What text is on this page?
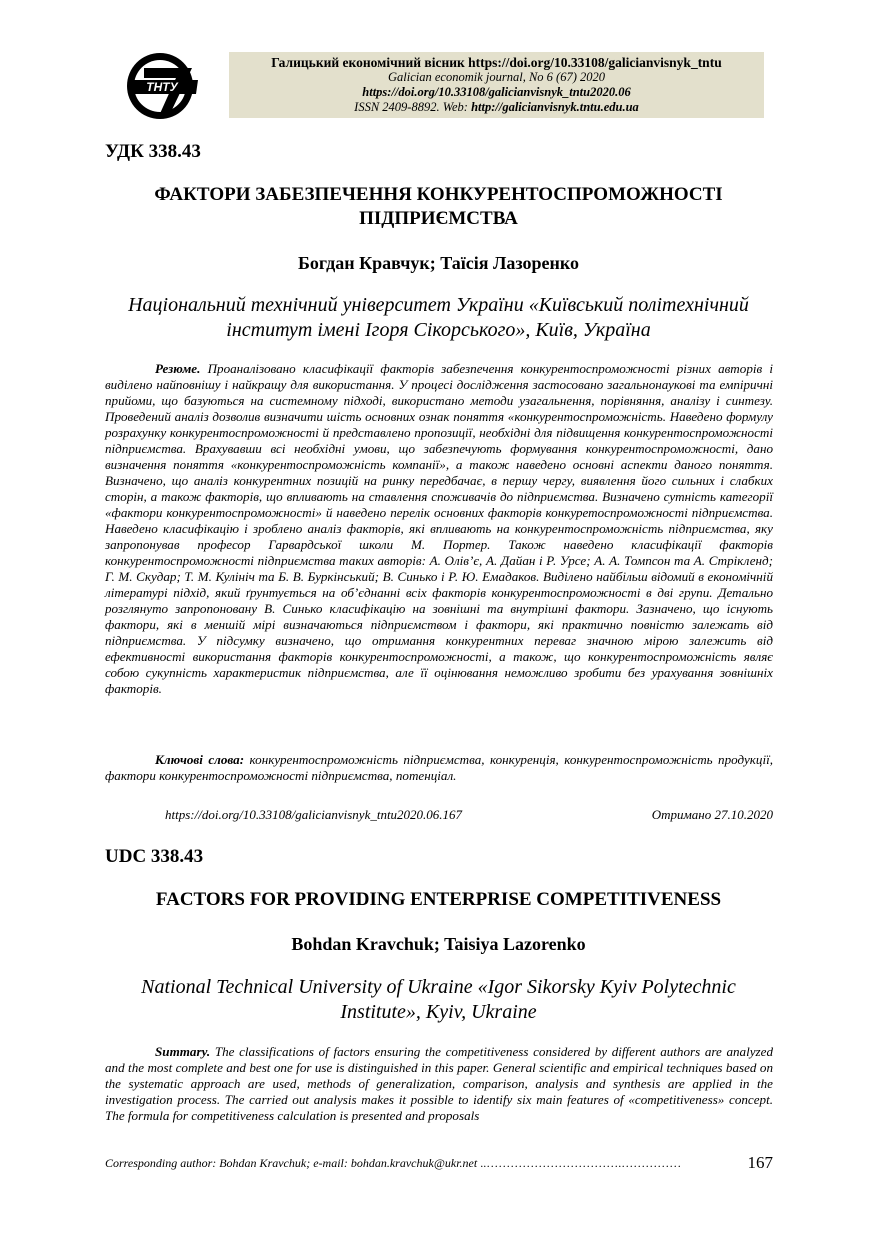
ТНТУ
Галицький економічний вісник https://doi.org/10.33108/galicianvisnyk_tntu
Galician economik journal, No 6 (67) 2020
https://doi.org/10.33108/galicianvisnyk_tntu2020.06
ISSN 2409-8892. Web: http://galicianvisnyk.tntu.edu.ua
УДК 338.43
ФАКТОРИ ЗАБЕЗПЕЧЕННЯ КОНКУРЕНТОСПРОМОЖНОСТІ
ПІДПРИЄМСТВА
Богдан Кравчук; Таїсія Лазоренко
Національний технічний університет України «Київський політехнічний
інститут імені Ігоря Сікорського», Київ, Україна
Резюме. Проаналізовано класифікації факторів забезпечення конкурентоспроможності різних авторів і виділено найповнішу і найкращу для використання. У процесі дослідження застосовано загальнонаукові та емпіричні прийоми, що базуються на системному підході, використано методи узагальнення, порівняння, аналізу і синтезу. Проведений аналіз дозволив визначити шість основних ознак поняття «конкурентоспроможність. Наведено формулу розрахунку конкурентоспроможності й представлено пропозиції, необхідні для підвищення конкурентоспроможності підприємства. Врахувавши всі необхідні умови, що забезпечують формування конкурентоспроможності, дано визначення поняття «конкурентоспроможність компанії», а також наведено основні аспекти даного поняття. Визначено, що аналіз конкурентних позицій на ринку передбачає, в першу чергу, виявлення його сильних і слабких сторін, а також факторів, що впливають на ставлення споживачів до підприємства. Визначено сутність категорії «фактори конкурентоспроможності» й наведено перелік основних факторів конкуретоспроможності підприємства. Наведено класифікацію і зроблено аналіз факторів, які впливають на конкурентоспроможність підприємства, яку запропонував професор Гарвардської школи М. Портер. Також наведено класифікації факторів конкурентоспроможності підприємства таких авторів: А. Олів’є, А. Дайан і Р. Урсе; А. А. Томпсон та А. Стрікленд; Г. М. Скудар; Т. М. Кулініч та Б. В. Буркінський; В. Синько і Р. Ю. Емадаков. Виділено найбільш відомий в економічній літературі підхід, який ґрунтується на об’єднанні всіх факторів конкурентоспроможності в дві групи. Детально розглянуто запропоновану В. Синько класифікацію на зовнішні та внутрішні фактори. Зазначено, що існують фактори, які в меншій мірі визначаються підприємством і фактори, які практично повністю залежать від підприємства. У підсумку визначено, що отримання конкурентних переваг значною мірою залежить від ефективності використання факторів конкурентоспроможності, а також, що конкурентоспроможність являє собою сукупність характеристик підприємства, але її оцінювання неможливо зробити без урахування зовнішніх факторів.
Ключові слова: конкурентоспроможність підприємства, конкуренція, конкурентоспроможність продукції, фактори конкурентоспроможності підприємства, потенціал.
https://doi.org/10.33108/galicianvisnyk_tntu2020.06.167	Отримано 27.10.2020
UDC 338.43
FACTORS FOR PROVIDING ENTERPRISE COMPETITIVENESS
Bohdan Kravchuk; Taisiya Lazorenko
National Technical University of Ukraine «Igor Sikorsky Kyiv Polytechnic
Institute», Kyiv, Ukraine
Summary. The classifications of factors ensuring the competitiveness considered by different authors are analyzed and the most complete and best one for use is distinguished in this paper. General scientific and empirical techniques based on the systematic approach are used, methods of generalization, comparison, analysis and synthesis are applied in the investigation process. The carried out analysis makes it possible to identify six main features of «competitiveness» concept. The formula for competitiveness calculation is presented and proposals
Corresponding author: Bohdan Kravchuk; e-mail: bohdan.kravchuk@ukr.net ..…………………………….……………	167
